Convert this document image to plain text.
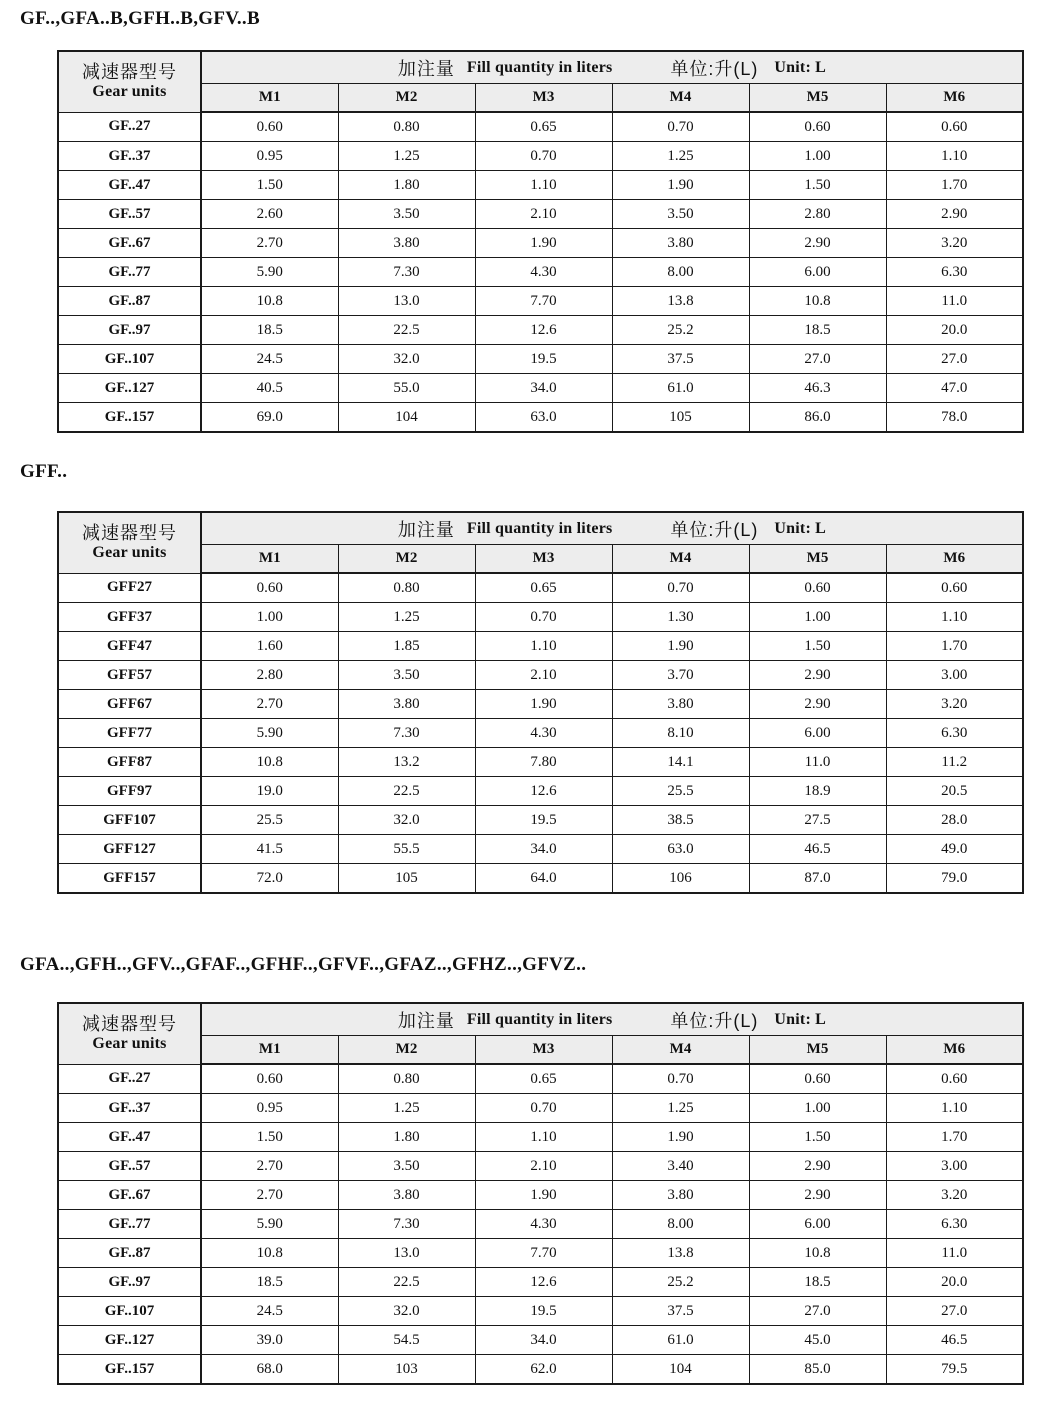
GF..,GFA..B,GFH..B,GFV..B
减速器型号
Gear units	加注量 Fill quantity in liters 单位:升(L) Unit: L					

	M1	M2	M3	M4	M5	M6
GF..27	0.60	0.80	0.65	0.70	0.60	0.60
GF..37	0.95	1.25	0.70	1.25	1.00	1.10
GF..47	1.50	1.80	1.10	1.90	1.50	1.70
GF..57	2.60	3.50	2.10	3.50	2.80	2.90
GF..67	2.70	3.80	1.90	3.80	2.90	3.20
GF..77	5.90	7.30	4.30	8.00	6.00	6.30
GF..87	10.8	13.0	7.70	13.8	10.8	11.0
GF..97	18.5	22.5	12.6	25.2	18.5	20.0
GF..107	24.5	32.0	19.5	37.5	27.0	27.0
GF..127	40.5	55.0	34.0	61.0	46.3	47.0
GF..157	69.0	104	63.0	105	86.0	78.0
GFF..
减速器型号
Gear units	加注量 Fill quantity in liters 单位:升(L) Unit: L					

	M1	M2	M3	M4	M5	M6
GFF27	0.60	0.80	0.65	0.70	0.60	0.60
GFF37	1.00	1.25	0.70	1.30	1.00	1.10
GFF47	1.60	1.85	1.10	1.90	1.50	1.70
GFF57	2.80	3.50	2.10	3.70	2.90	3.00
GFF67	2.70	3.80	1.90	3.80	2.90	3.20
GFF77	5.90	7.30	4.30	8.10	6.00	6.30
GFF87	10.8	13.2	7.80	14.1	11.0	11.2
GFF97	19.0	22.5	12.6	25.5	18.9	20.5
GFF107	25.5	32.0	19.5	38.5	27.5	28.0
GFF127	41.5	55.5	34.0	63.0	46.5	49.0
GFF157	72.0	105	64.0	106	87.0	79.0
GFA..,GFH..,GFV..,GFAF..,GFHF..,GFVF..,GFAZ..,GFHZ..,GFVZ..
减速器型号
Gear units	加注量 Fill quantity in liters 单位:升(L) Unit: L					

	M1	M2	M3	M4	M5	M6
GF..27	0.60	0.80	0.65	0.70	0.60	0.60
GF..37	0.95	1.25	0.70	1.25	1.00	1.10
GF..47	1.50	1.80	1.10	1.90	1.50	1.70
GF..57	2.70	3.50	2.10	3.40	2.90	3.00
GF..67	2.70	3.80	1.90	3.80	2.90	3.20
GF..77	5.90	7.30	4.30	8.00	6.00	6.30
GF..87	10.8	13.0	7.70	13.8	10.8	11.0
GF..97	18.5	22.5	12.6	25.2	18.5	20.0
GF..107	24.5	32.0	19.5	37.5	27.0	27.0
GF..127	39.0	54.5	34.0	61.0	45.0	46.5
GF..157	68.0	103	62.0	104	85.0	79.5
